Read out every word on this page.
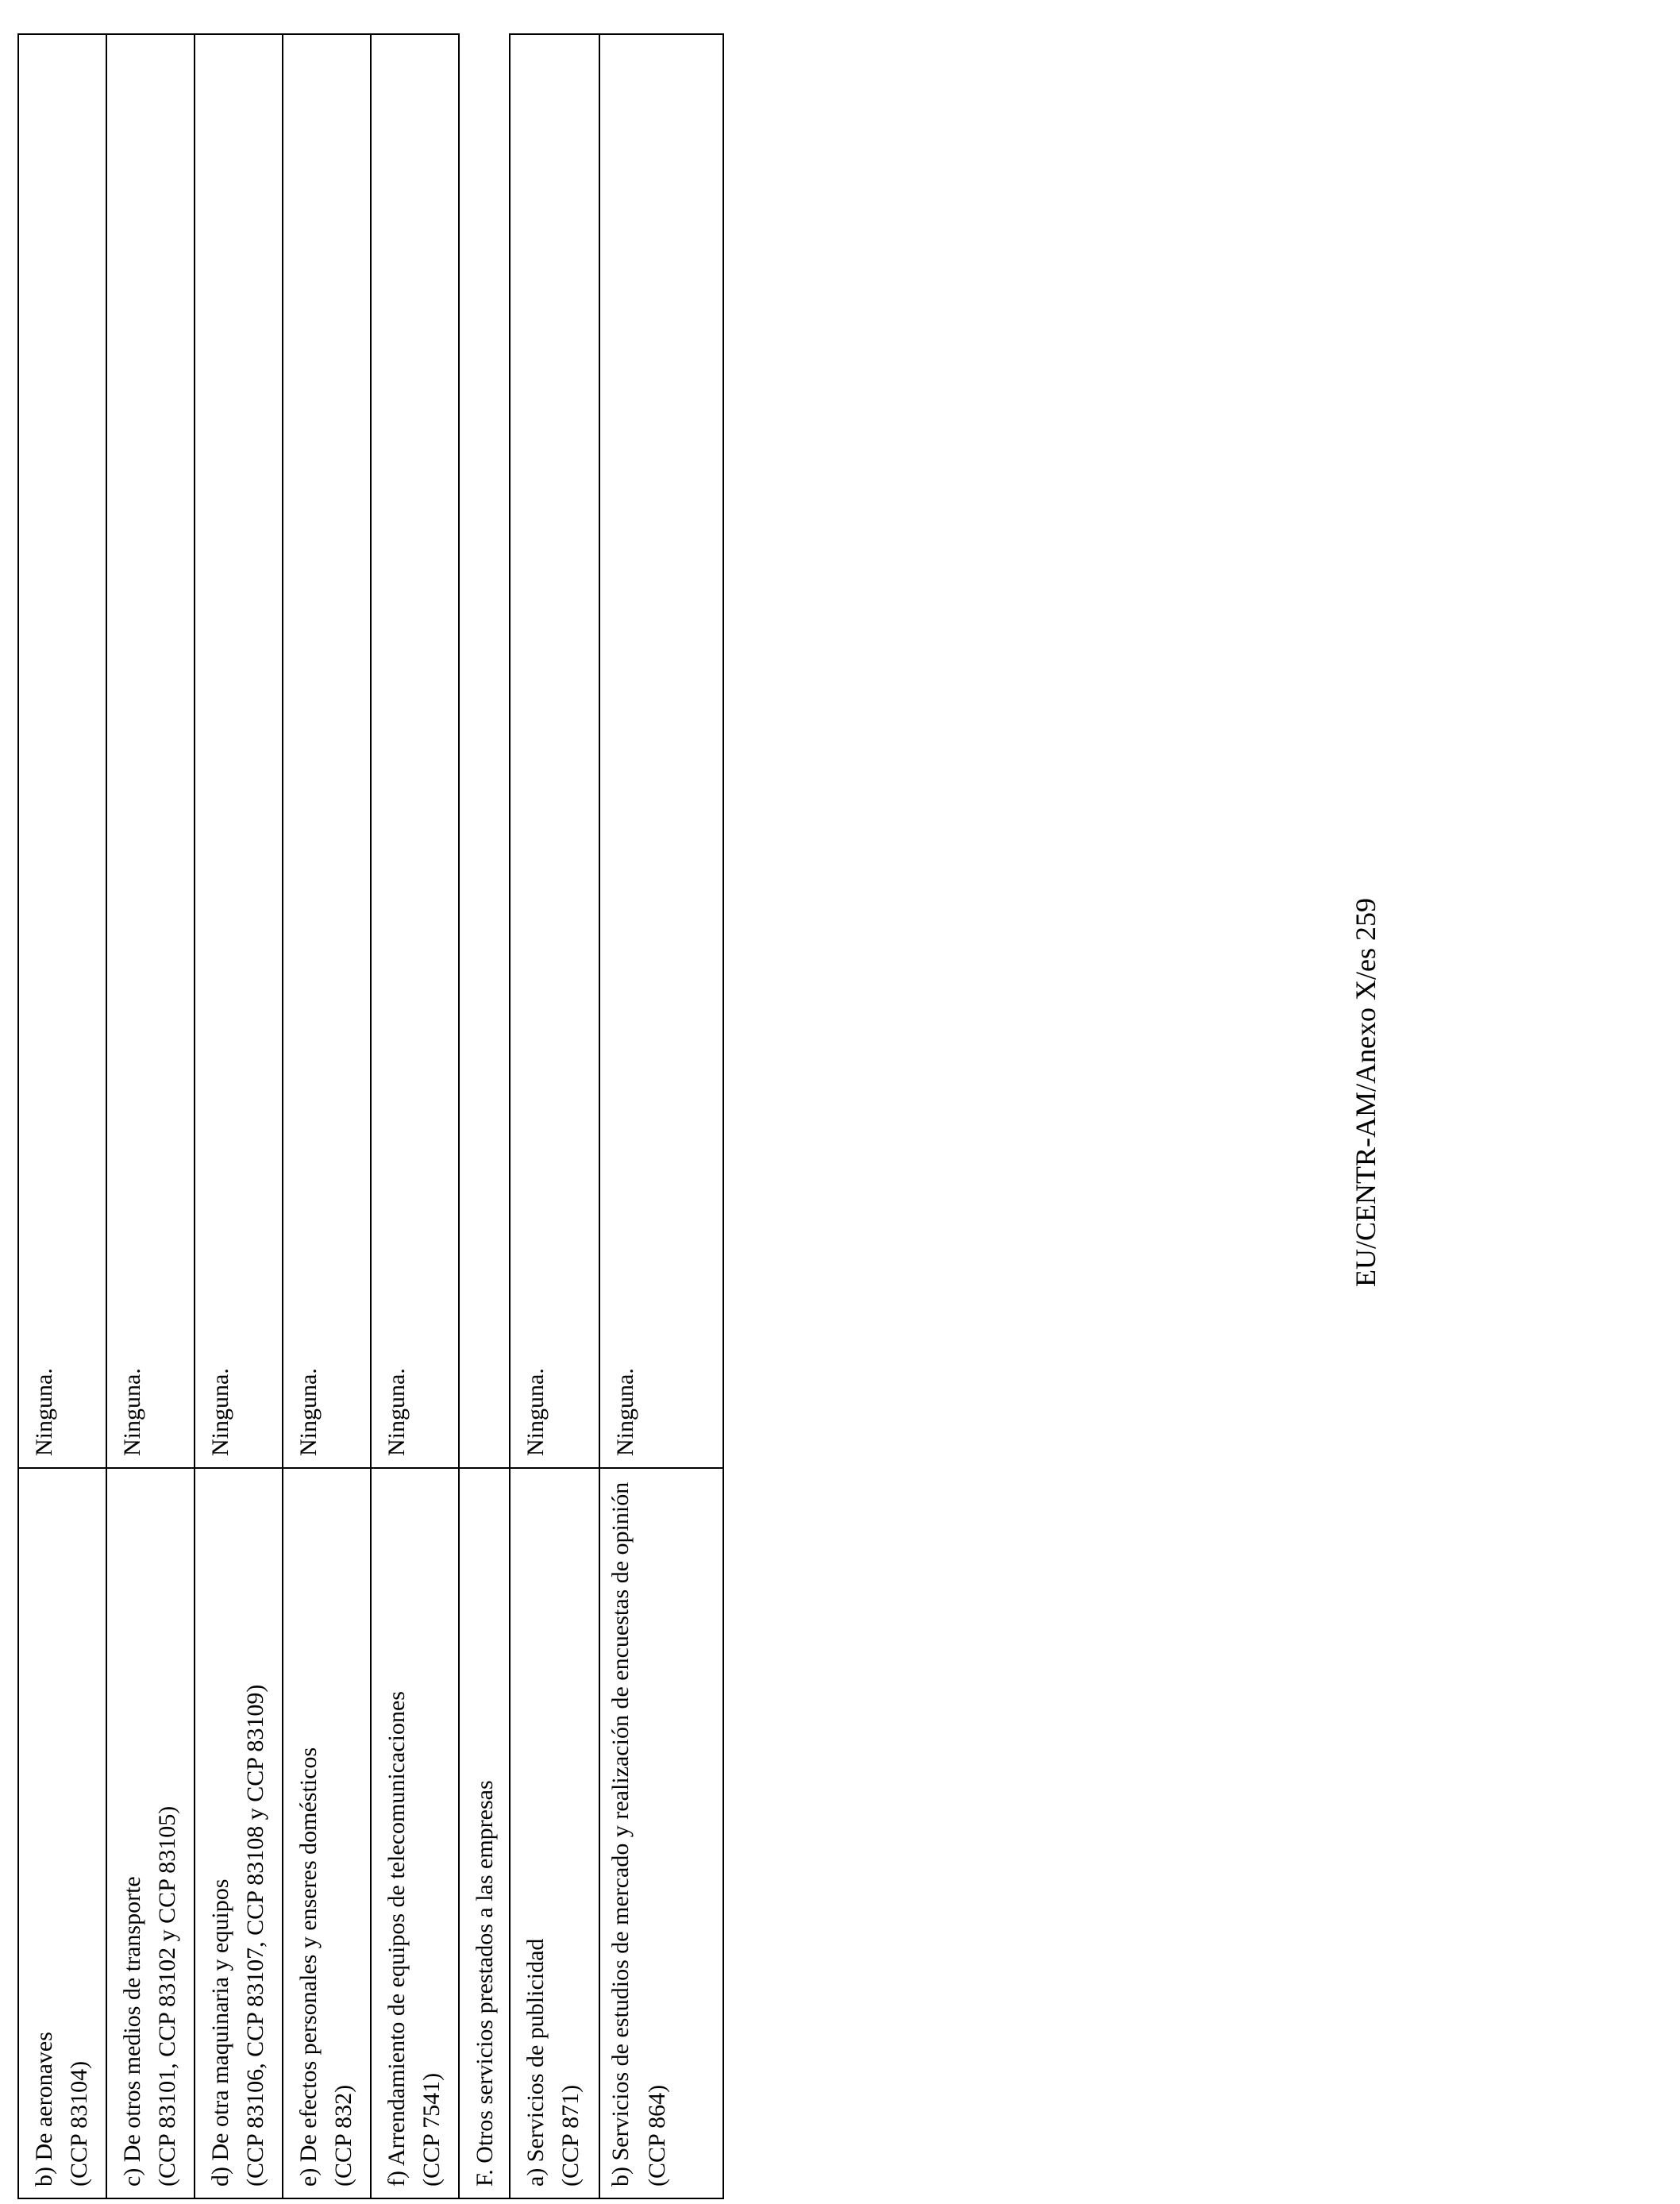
b) De aeronaves (CCP 83104)	Ninguna.

c) De otros medios de transporte (CCP 83101, CCP 83102 y CCP 83105)	Ninguna.

d) De otra maquinaria y equipos (CCP 83106, CCP 83107, CCP 83108 y CCP 83109)	Ninguna.

e) De efectos personales y enseres domésticos (CCP 832)	Ninguna.

f) Arrendamiento de equipos de telecomunicaciones (CCP 7541)	Ninguna.

F. Otros servicios prestados a las empresas	

a) Servicios de publicidad (CCP 871)	Ninguna.

b) Servicios de estudios de mercado y realización de encuestas de opinión (CCP 864)	Ninguna.
EU/CENTR-AM/Anexo X/es 259
